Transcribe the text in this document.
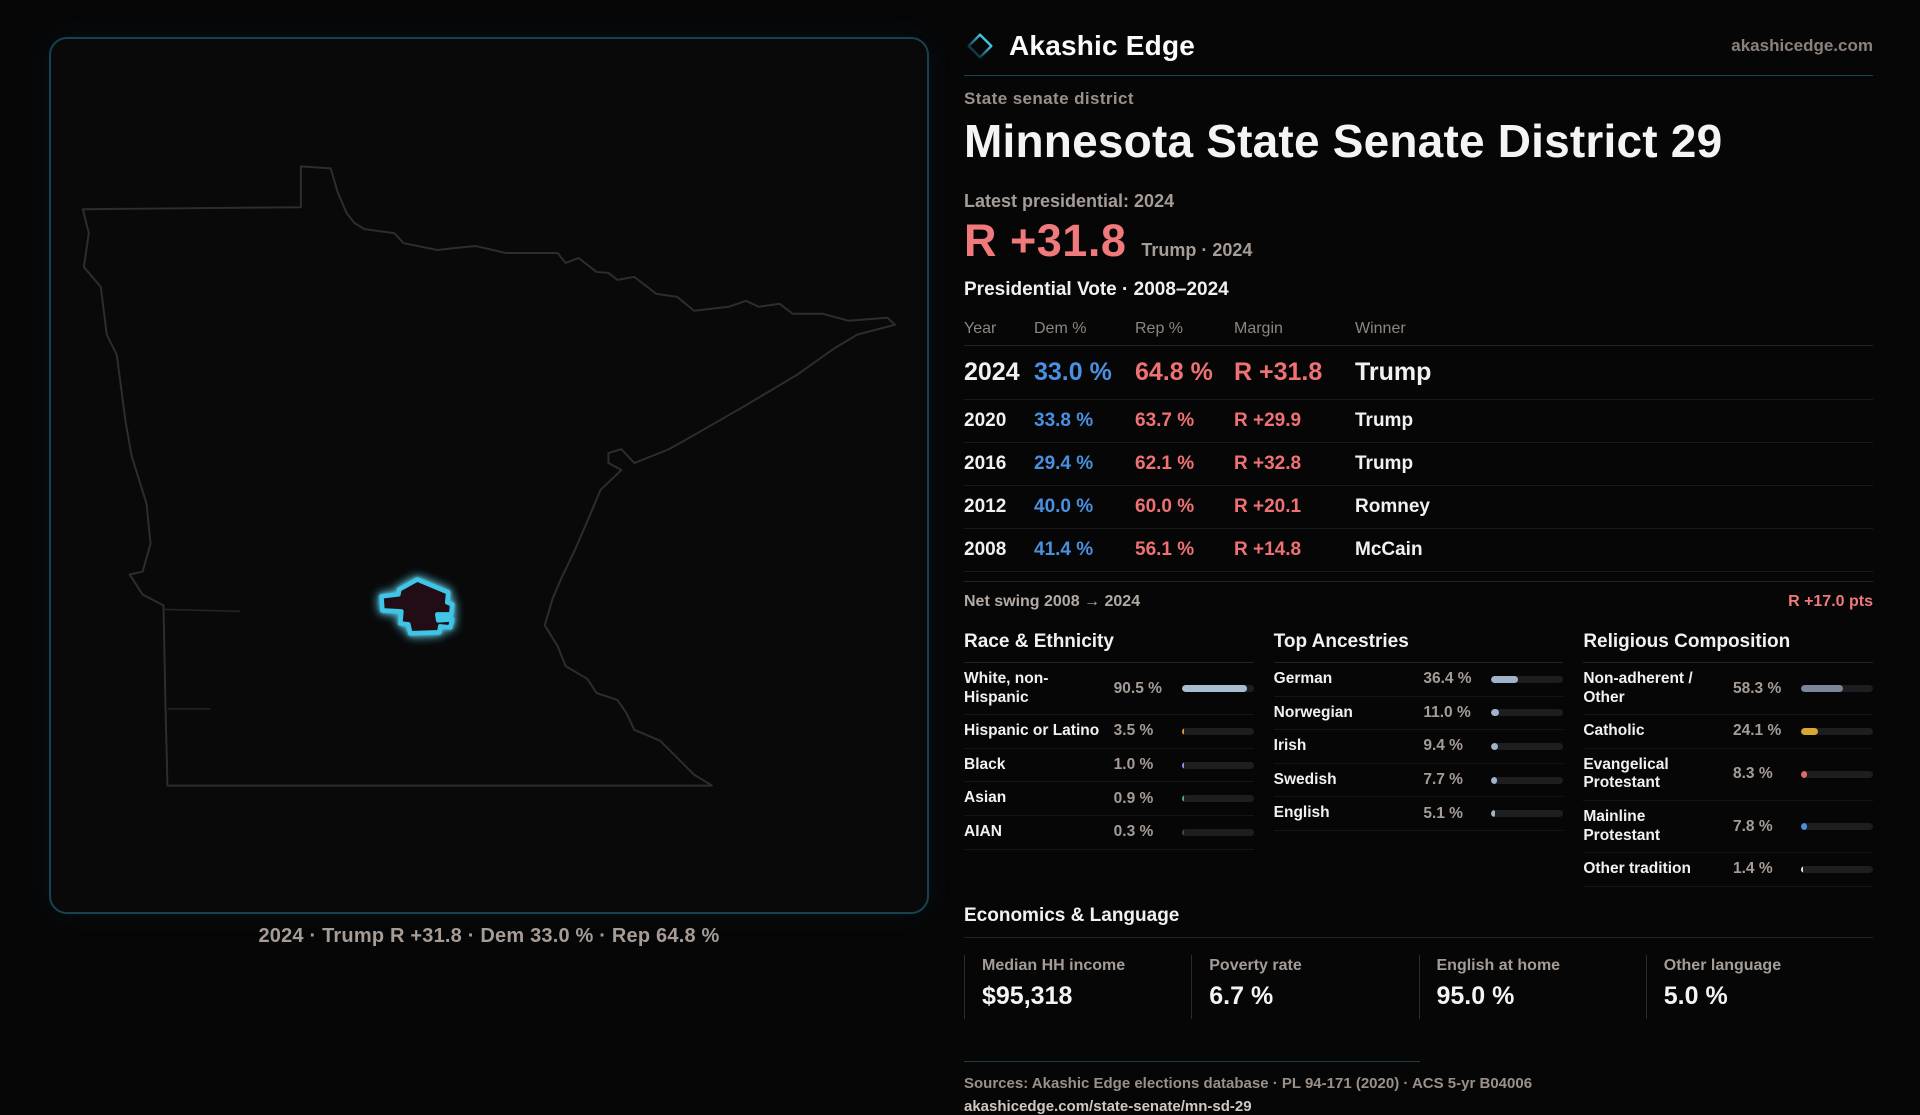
2024 · Trump R +31.8 · Dem 33.0 % · Rep 64.8 %
Akashic Edge	akashicedge.com
State senate district
Minnesota State Senate District 29
Latest presidential: 2024
R +31.8 Trump · 2024
Presidential Vote · 2008–2024
Year	Dem %	Rep %	Margin	Winner
2024 33.0 % 64.8 % R +31.8	Trump
2020	33.8 %	63.7 %	R +29.9	Trump
2016	29.4 %	62.1 %	R +32.8	Trump
2012	40.0 %	60.0 %	R +20.1	Romney
2008	41.4 %	56.1 %	R +14.8	McCain
Net swing 2008 → 2024	R +17.0 pts
Race & Ethnicity
White, non-Hispanic
90.5 %
Hispanic or Latino 3.5 %
Black	1.0 %
Asian	0.9 %
AIAN	0.3 %
Top Ancestries
German	36.4 %
Norwegian	11.0 %
Irish	9.4 %
Swedish	7.7 %
English	5.1 %
Religious Composition
Non-adherent / Other
58.3 %
Catholic	24.1 %
Evangelical Protestant
8.3 %
Mainline Protestant
7.8 %
Other tradition	1.4 %
Economics & Language
Median HH income
$95,318
Poverty rate
6.7 %
English at home
95.0 %
Other language
5.0 %
Sources: Akashic Edge elections database · PL 94-171 (2020) · ACS 5-yr B04006
akashicedge.com/state-senate/mn-sd-29
